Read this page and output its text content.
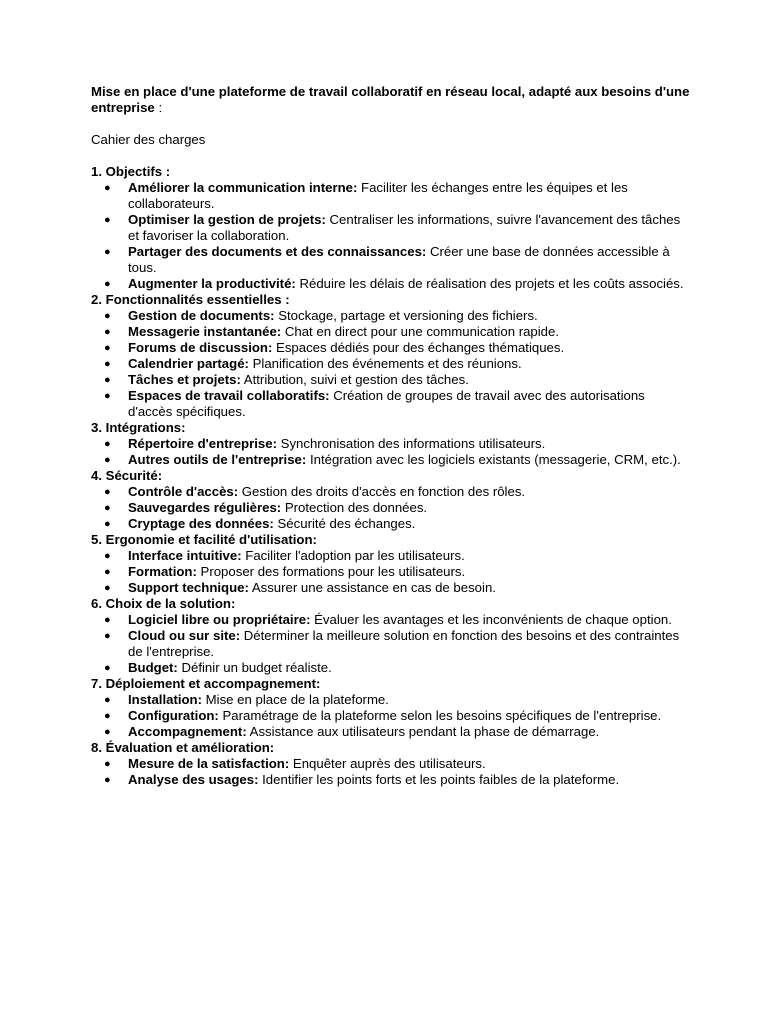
Mise en place d'une plateforme de travail collaboratif en réseau local, adapté aux besoins d'une entreprise :

Cahier des charges

1. Objectifs :
● Améliorer la communication interne: Faciliter les échanges entre les équipes et les collaborateurs.
● Optimiser la gestion de projets: Centraliser les informations, suivre l'avancement des tâches et favoriser la collaboration.
● Partager des documents et des connaissances: Créer une base de données accessible à tous.
● Augmenter la productivité: Réduire les délais de réalisation des projets et les coûts associés.
2. Fonctionnalités essentielles :
● Gestion de documents: Stockage, partage et versioning des fichiers.
● Messagerie instantanée: Chat en direct pour une communication rapide.
● Forums de discussion: Espaces dédiés pour des échanges thématiques.
● Calendrier partagé: Planification des événements et des réunions.
● Tâches et projets: Attribution, suivi et gestion des tâches.
● Espaces de travail collaboratifs: Création de groupes de travail avec des autorisations d'accès spécifiques.
3. Intégrations:
● Répertoire d'entreprise: Synchronisation des informations utilisateurs.
● Autres outils de l'entreprise: Intégration avec les logiciels existants (messagerie, CRM, etc.).
4. Sécurité:
● Contrôle d'accès: Gestion des droits d'accès en fonction des rôles.
● Sauvegardes régulières: Protection des données.
● Cryptage des données: Sécurité des échanges.
5. Ergonomie et facilité d'utilisation:
● Interface intuitive: Faciliter l'adoption par les utilisateurs.
● Formation: Proposer des formations pour les utilisateurs.
● Support technique: Assurer une assistance en cas de besoin.
6. Choix de la solution:
● Logiciel libre ou propriétaire: Évaluer les avantages et les inconvénients de chaque option.
● Cloud ou sur site: Déterminer la meilleure solution en fonction des besoins et des contraintes de l'entreprise.
● Budget: Définir un budget réaliste.
7. Déploiement et accompagnement:
● Installation: Mise en place de la plateforme.
● Configuration: Paramétrage de la plateforme selon les besoins spécifiques de l'entreprise.
● Accompagnement: Assistance aux utilisateurs pendant la phase de démarrage.
8. Évaluation et amélioration:
● Mesure de la satisfaction: Enquêter auprès des utilisateurs.
● Analyse des usages: Identifier les points forts et les points faibles de la plateforme.
